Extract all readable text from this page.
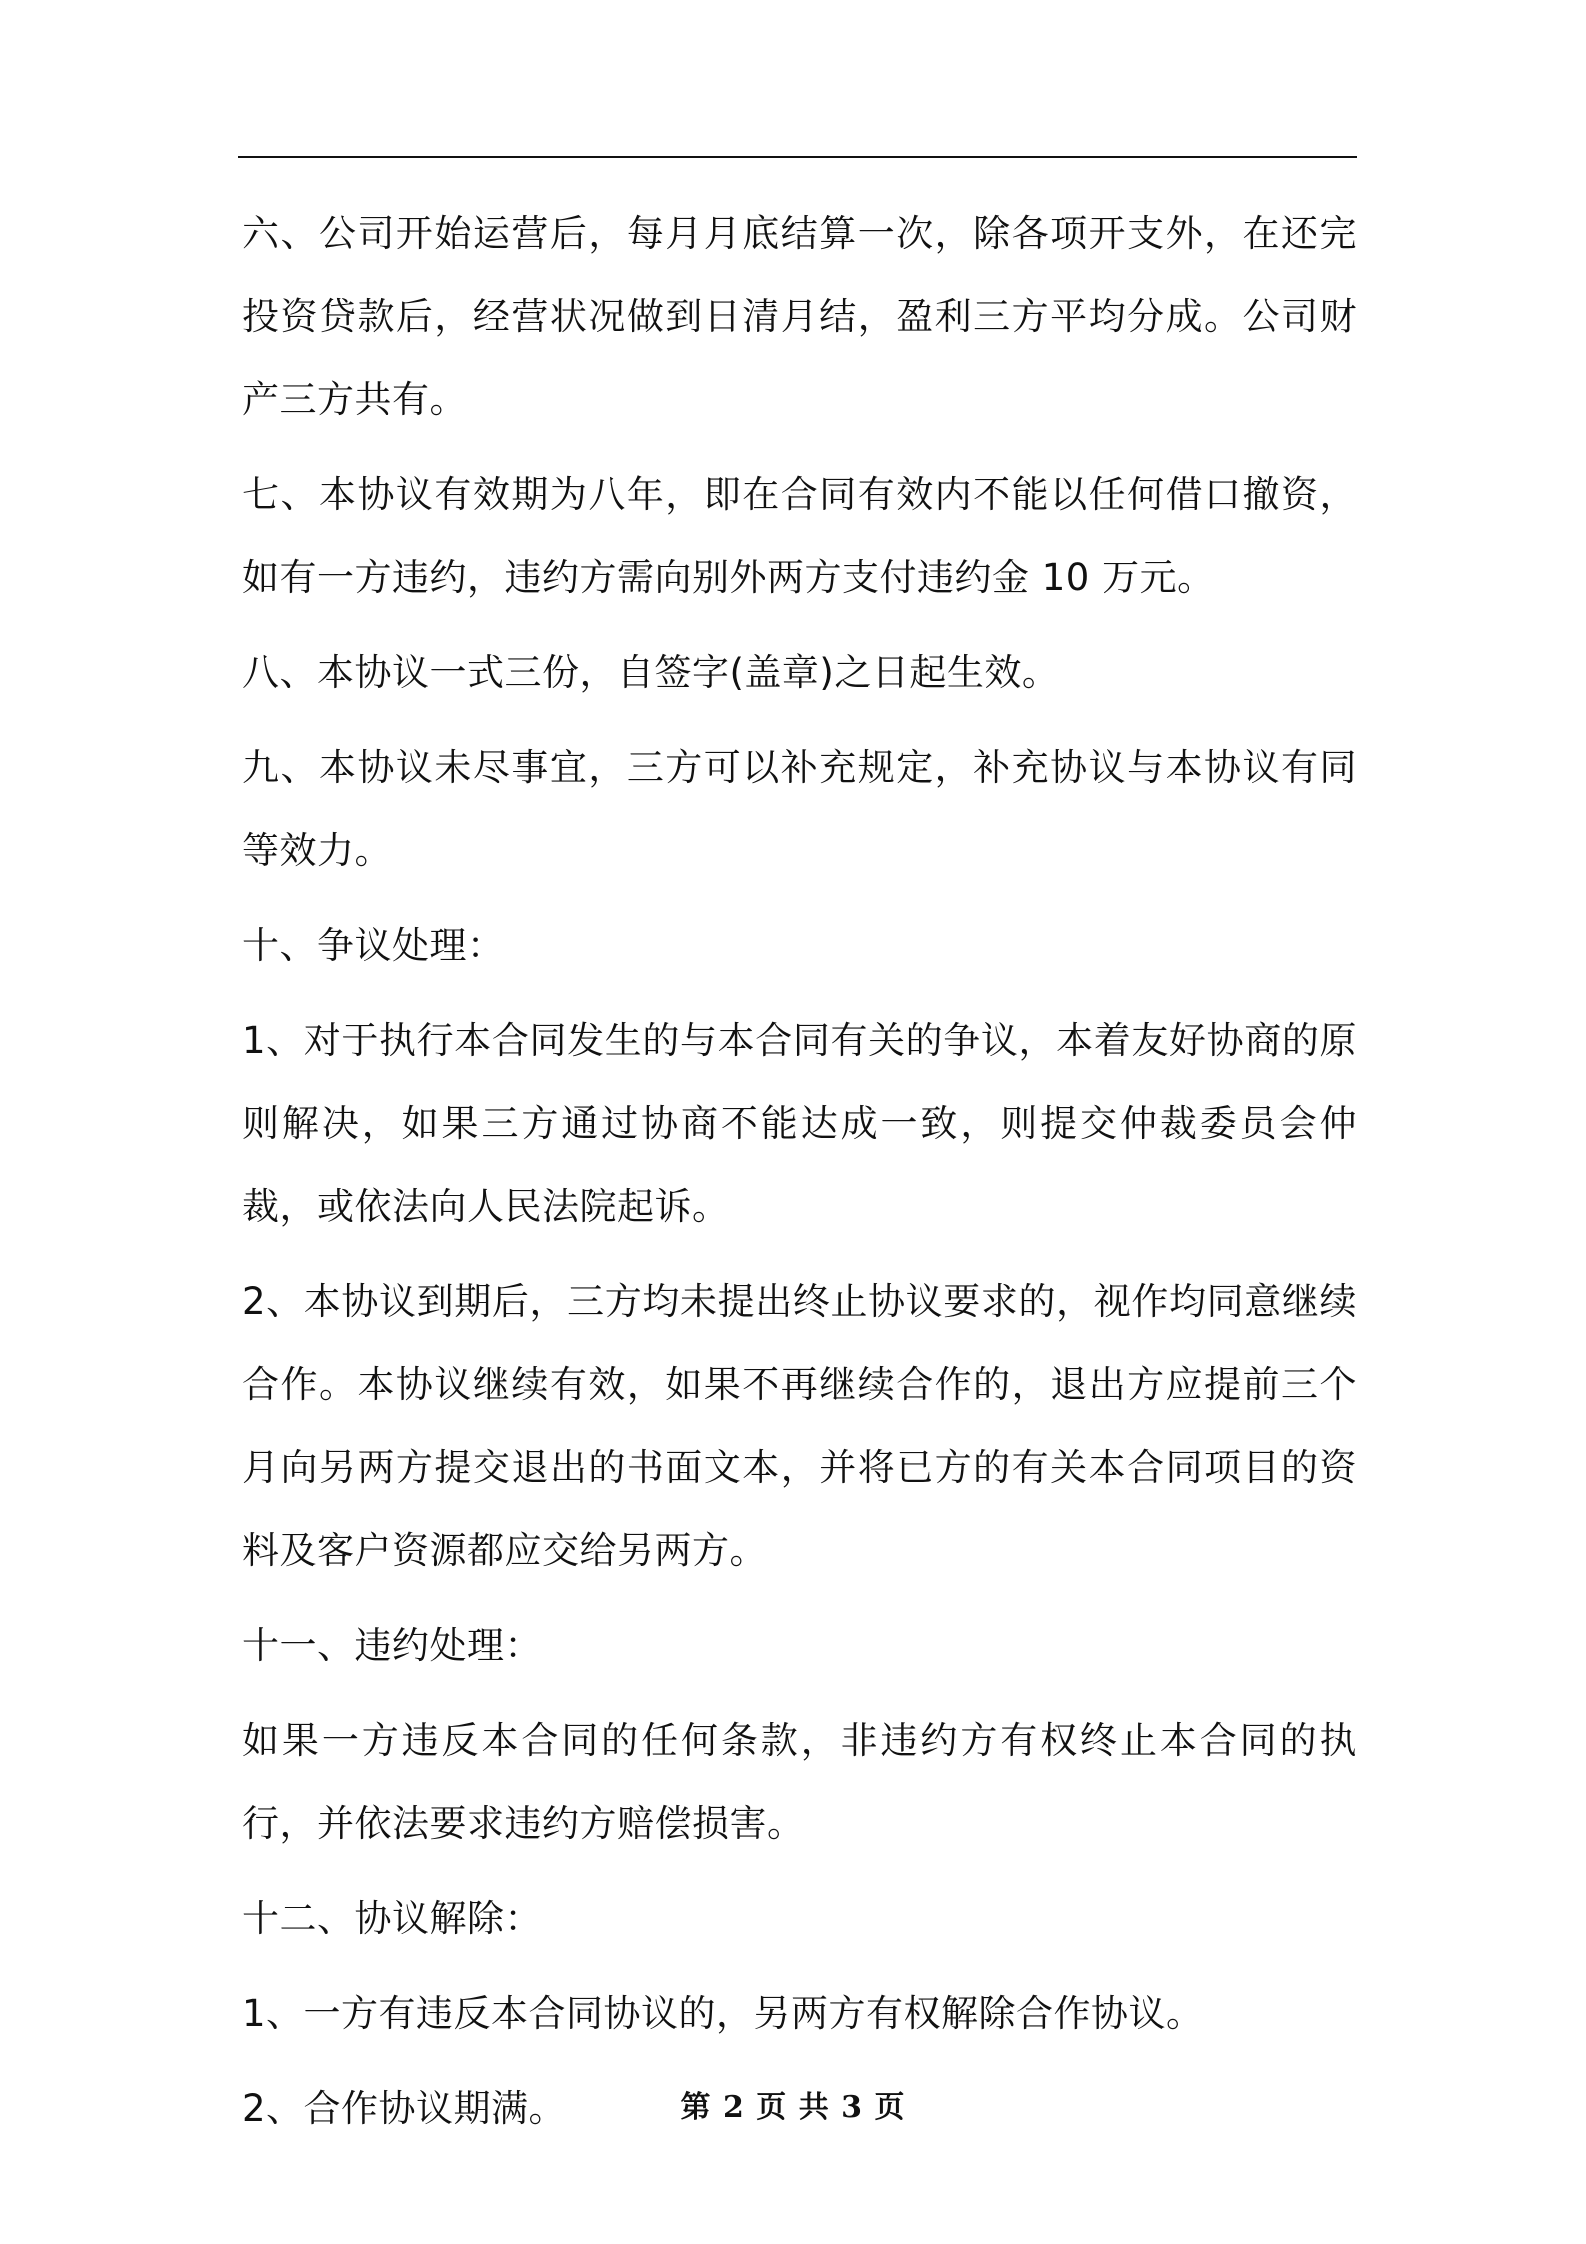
六、公司开始运营后，每月月底结算一次，除各项开支外，在还完投资贷款后，经营状况做到日清月结，盈利三方平均分成。公司财产三方共有。

七、本协议有效期为八年，即在合同有效内不能以任何借口撤资，如有一方违约，违约方需向别外两方支付违约金 10 万元。

八、本协议一式三份，自签字(盖章)之日起生效。

九、本协议未尽事宜，三方可以补充规定，补充协议与本协议有同等效力。

十、争议处理：

1、对于执行本合同发生的与本合同有关的争议，本着友好协商的原则解决，如果三方通过协商不能达成一致，则提交仲裁委员会仲裁，或依法向人民法院起诉。

2、本协议到期后，三方均未提出终止协议要求的，视作均同意继续合作。本协议继续有效，如果不再继续合作的，退出方应提前三个月向另两方提交退出的书面文本，并将已方的有关本合同项目的资料及客户资源都应交给另两方。

十一、违约处理：

如果一方违反本合同的任何条款，非违约方有权终止本合同的执行，并依法要求违约方赔偿损害。

十二、协议解除：

1、一方有违反本合同协议的，另两方有权解除合作协议。

2、合作协议期满。	第 2 页 共 3 页
